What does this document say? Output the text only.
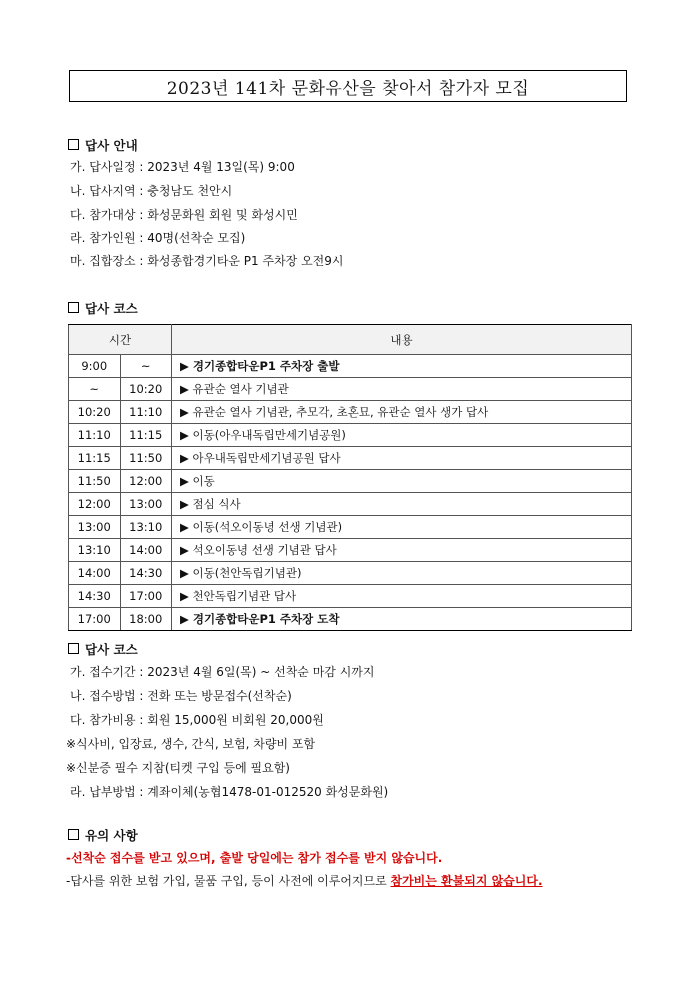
2023년 141차 문화유산을 찾아서 참가자 모집
답사 안내
가. 답사일정 : 2023년 4월 13일(목) 9:00
나. 답사지역 : 충청남도 천안시
다. 참가대상 : 화성문화원 회원 및 화성시민
라. 참가인원 : 40명(선착순 모집)
마. 집합장소 : 화성종합경기타운 P1 주차장 오전9시
답사 코스
시간		내용
9:00	~	▶ 경기종합타운P1 주차장 출발
~	10:20	▶ 유관순 열사 기념관
10:20	11:10	▶ 유관순 열사 기념관, 추모각, 초혼묘, 유관순 열사 생가 답사
11:10	11:15	▶ 이동(아우내독립만세기념공원)
11:15	11:50	▶ 아우내독립만세기념공원 답사
11:50	12:00	▶ 이동
12:00	13:00	▶ 점심 식사
13:00	13:10	▶ 이동(석오이동녕 선생 기념관)
13:10	14:00	▶ 석오이동녕 선생 기념관 답사
14:00	14:30	▶ 이동(천안독립기념관)
14:30	17:00	▶ 천안독립기념관 답사
17:00	18:00	▶ 경기종합타운P1 주차장 도착
답사 코스
가. 접수기간 : 2023년 4월 6일(목) ~ 선착순 마감 시까지
나. 접수방법 : 전화 또는 방문접수(선착순)
다. 참가비용 : 회원 15,000원 비회원 20,000원
※식사비, 입장료, 생수, 간식, 보험, 차량비 포함
※신분증 필수 지참(티켓 구입 등에 필요함)
라. 납부방법 : 계좌이체(농협1478-01-012520 화성문화원)
유의 사항
-선착순 접수를 받고 있으며, 출발 당일에는 참가 접수를 받지 않습니다.
-답사를 위한 보험 가입, 물품 구입, 등이 사전에 이루어지므로 참가비는 환불되지 않습니다.
